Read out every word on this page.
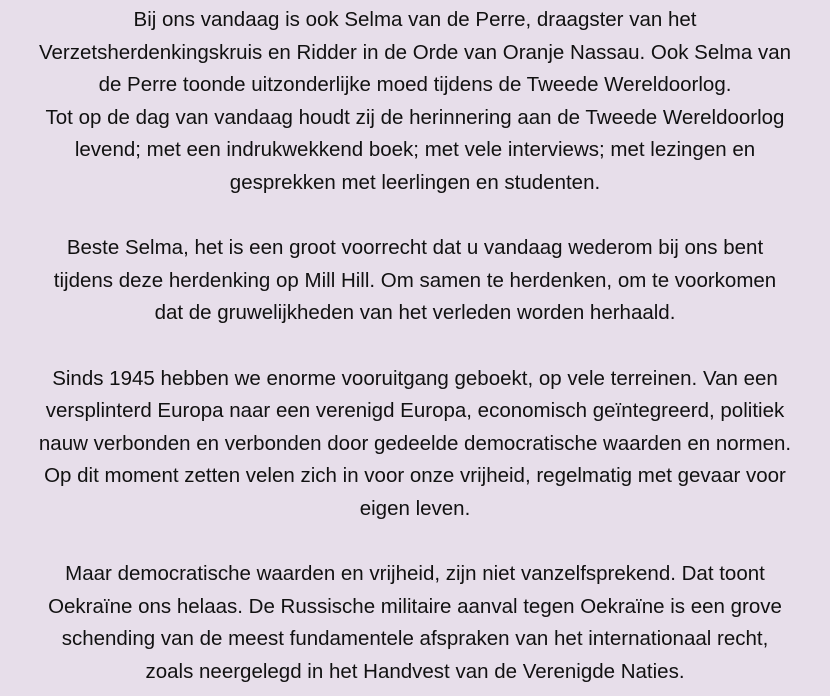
Bij ons vandaag is ook Selma van de Perre, draagster van het
Verzetsherdenkingskruis en Ridder in de Orde van Oranje Nassau. Ook Selma van
de Perre toonde uitzonderlijke moed tijdens de Tweede Wereldoorlog.
Tot op de dag van vandaag houdt zij de herinnering aan de Tweede Wereldoorlog
levend; met een indrukwekkend boek; met vele interviews; met lezingen en
gesprekken met leerlingen en studenten.
Beste Selma, het is een groot voorrecht dat u vandaag wederom bij ons bent
tijdens deze herdenking op Mill Hill. Om samen te herdenken, om te voorkomen
dat de gruwelijkheden van het verleden worden herhaald.
Sinds 1945 hebben we enorme vooruitgang geboekt, op vele terreinen. Van een
versplinterd Europa naar een verenigd Europa, economisch geïntegreerd, politiek
nauw verbonden en verbonden door gedeelde democratische waarden en normen.
Op dit moment zetten velen zich in voor onze vrijheid, regelmatig met gevaar voor
eigen leven.
Maar democratische waarden en vrijheid, zijn niet vanzelfsprekend. Dat toont
Oekraïne ons helaas. De Russische militaire aanval tegen Oekraïne is een grove
schending van de meest fundamentele afspraken van het internationaal recht,
zoals neergelegd in het Handvest van de Verenigde Naties.
